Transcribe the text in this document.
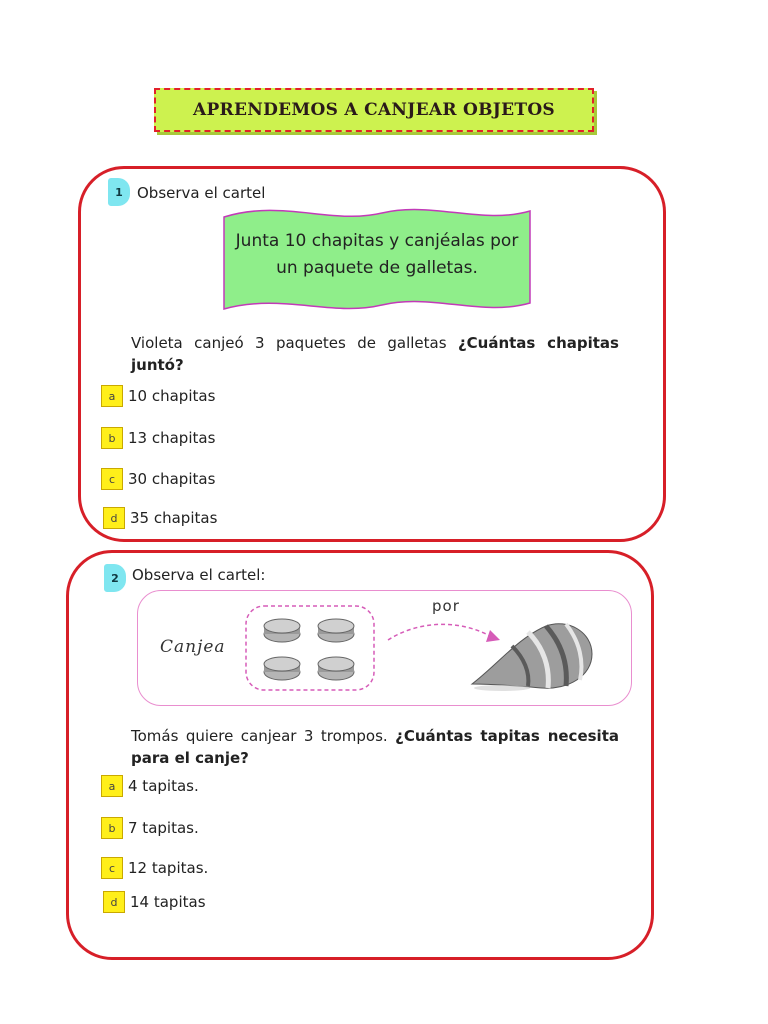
APRENDEMOS A CANJEAR OBJETOS
1 Observa el cartel
Junta 10 chapitas y canjéalas por
un paquete de galletas.
Violeta canjeó 3 paquetes de galletas ¿Cuántas chapitas juntó?
a 10 chapitas
b 13 chapitas
c 30 chapitas
d 35 chapitas
2 Observa el cartel:
Canjea
por
Tomás quiere canjear 3 trompos. ¿Cuántas tapitas necesita para el canje?
a 4 tapitas.
b 7 tapitas.
c 12 tapitas.
d 14 tapitas
